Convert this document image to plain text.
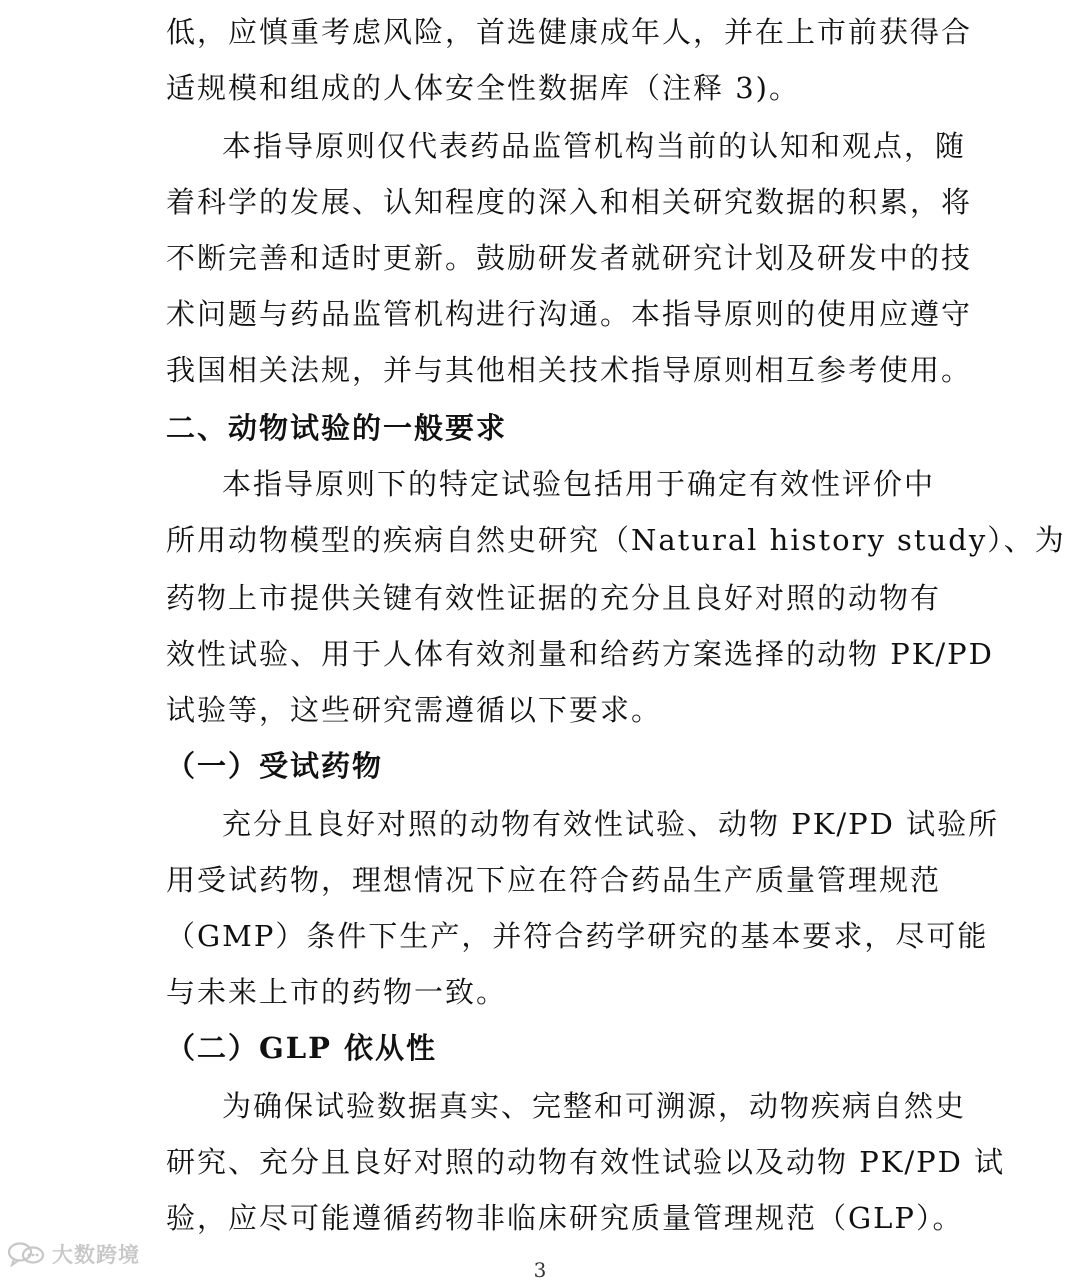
低，应慎重考虑风险，首选健康成年人，并在上市前获得合
适规模和组成的人体安全性数据库（注释 3)。
本指导原则仅代表药品监管机构当前的认知和观点，随
着科学的发展、认知程度的深入和相关研究数据的积累，将
不断完善和适时更新。鼓励研发者就研究计划及研发中的技
术问题与药品监管机构进行沟通。本指导原则的使用应遵守
我国相关法规，并与其他相关技术指导原则相互参考使用。
二、动物试验的一般要求
本指导原则下的特定试验包括用于确定有效性评价中
所用动物模型的疾病自然史研究（Natural history study）、为
药物上市提供关键有效性证据的充分且良好对照的动物有
效性试验、用于人体有效剂量和给药方案选择的动物 PK/PD
试验等，这些研究需遵循以下要求。
（一）受试药物
充分且良好对照的动物有效性试验、动物 PK/PD 试验所
用受试药物，理想情况下应在符合药品生产质量管理规范
（GMP）条件下生产，并符合药学研究的基本要求，尽可能
与未来上市的药物一致。
（二）GLP 依从性
为确保试验数据真实、完整和可溯源，动物疾病自然史
研究、充分且良好对照的动物有效性试验以及动物 PK/PD 试
验，应尽可能遵循药物非临床研究质量管理规范（GLP）。
大数跨境
3
